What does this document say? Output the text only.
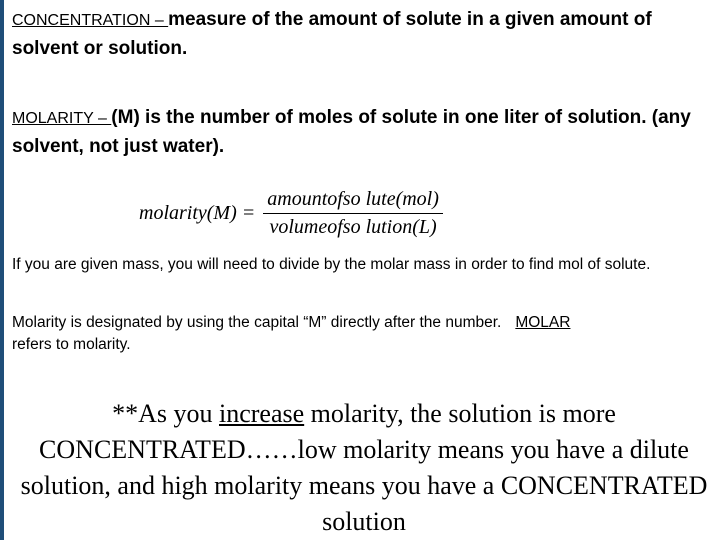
CONCENTRATION – measure of the amount of solute in a given amount of solvent or solution.
MOLARITY – (M) is the number of moles of solute in one liter of solution. (any solvent, not just water).
molarity(M) = $\frac{\text{amountofso lute(mol)}}{\text{volumeofso lution(L)}}$
If you are given mass, you will need to divide by the molar mass in order to find mol of solute.
Molarity is designated by using the capital “M” directly after the number. MOLAR
refers to molarity.
**As you increase molarity, the solution is more CONCENTRATED……low molarity means you have a dilute solution, and high molarity means you have a CONCENTRATED solution
